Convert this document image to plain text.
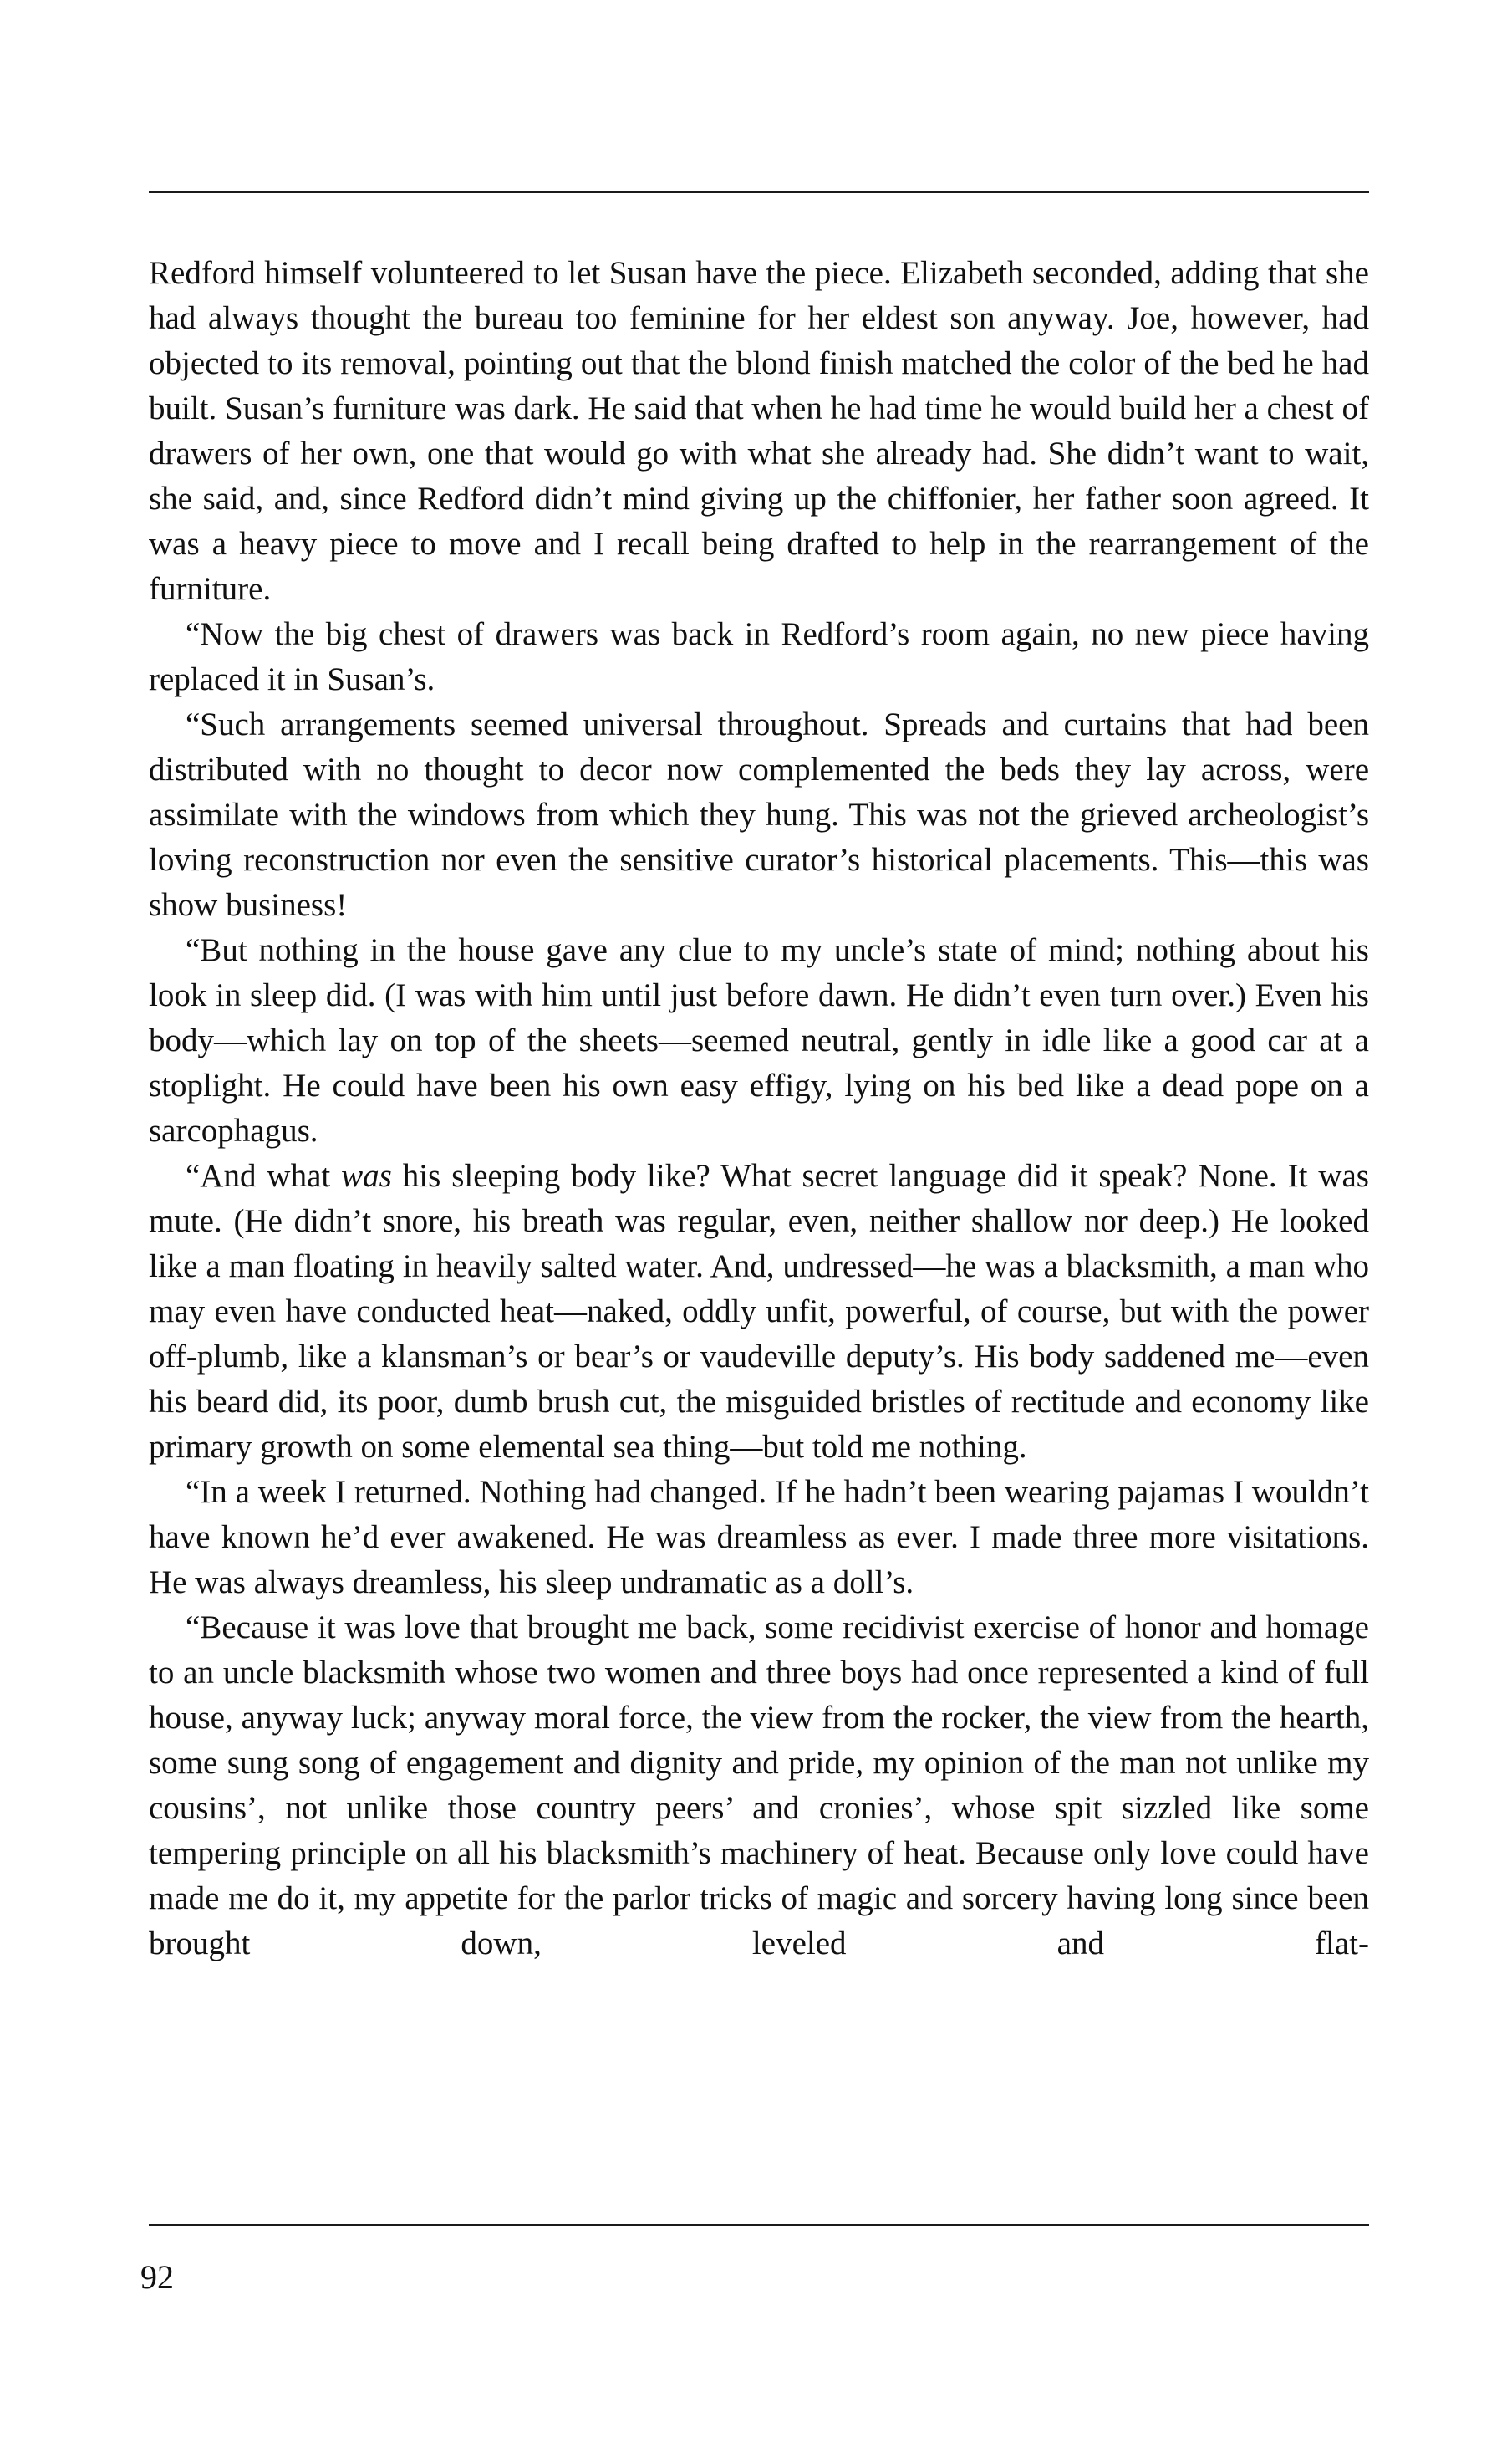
Redford himself volunteered to let Susan have the piece. Elizabeth seconded, adding that she had always thought the bureau too feminine for her eldest son anyway. Joe, however, had objected to its removal, pointing out that the blond finish matched the color of the bed he had built. Susan’s furniture was dark. He said that when he had time he would build her a chest of drawers of her own, one that would go with what she already had. She didn’t want to wait, she said, and, since Redford didn’t mind giving up the chiffonier, her father soon agreed. It was a heavy piece to move and I recall being drafted to help in the rearrangement of the furniture.

“Now the big chest of drawers was back in Redford’s room again, no new piece having replaced it in Susan’s.

“Such arrangements seemed universal throughout. Spreads and curtains that had been distributed with no thought to decor now complemented the beds they lay across, were assimilate with the windows from which they hung. This was not the grieved archeologist’s loving reconstruction nor even the sensitive curator’s historical placements. This—this was show business!

“But nothing in the house gave any clue to my uncle’s state of mind; nothing about his look in sleep did. (I was with him until just before dawn. He didn’t even turn over.) Even his body—which lay on top of the sheets—seemed neutral, gently in idle like a good car at a stoplight. He could have been his own easy effigy, lying on his bed like a dead pope on a sarcophagus.

“And what was his sleeping body like? What secret language did it speak? None. It was mute. (He didn’t snore, his breath was regular, even, neither shallow nor deep.) He looked like a man floating in heavily salted water. And, undressed—he was a blacksmith, a man who may even have conducted heat—naked, oddly unfit, powerful, of course, but with the power off-plumb, like a klansman’s or bear’s or vaudeville deputy’s. His body saddened me—even his beard did, its poor, dumb brush cut, the misguided bristles of rectitude and economy like primary growth on some elemental sea thing—but told me nothing.

“In a week I returned. Nothing had changed. If he hadn’t been wearing pajamas I wouldn’t have known he’d ever awakened. He was dreamless as ever. I made three more visitations. He was always dreamless, his sleep undramatic as a doll’s.

“Because it was love that brought me back, some recidivist exercise of honor and homage to an uncle blacksmith whose two women and three boys had once represented a kind of full house, anyway luck; anyway moral force, the view from the rocker, the view from the hearth, some sung song of engagement and dignity and pride, my opinion of the man not unlike my cousins’, not unlike those country peers’ and cronies’, whose spit sizzled like some tempering principle on all his blacksmith’s machinery of heat. Because only love could have made me do it, my appetite for the parlor tricks of magic and sorcery having long since been brought down, leveled and flat-

92
